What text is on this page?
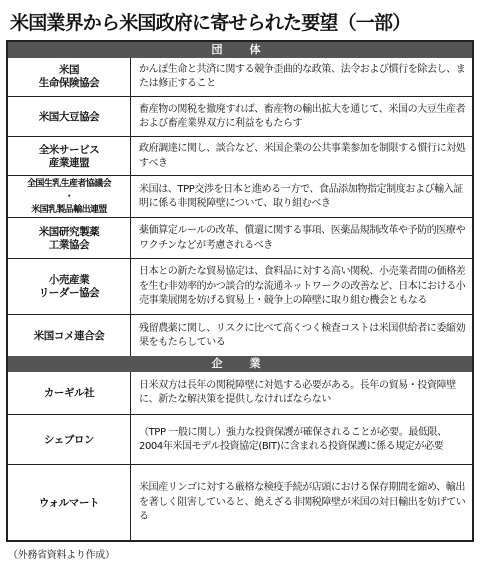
米国業界から米国政府に寄せられた要望（一部）
団　体
米国
生命保険協会
かんぽ生命と共済に関する競争歪曲的な政策、法令および慣行を除去し、または修正すること
米国大豆協会
畜産物の関税を撤廃すれば、畜産物の輸出拡大を通じて、米国の大豆生産者および畜産業界双方に利益をもたらす
全米サービス
産業連盟
政府調達に関し、談合など、米国企業の公共事業参加を制限する慣行に対処すべき
全国生乳生産者協議会
・
米国乳製品輸出連盟
米国は、TPP交渉を日本と進める一方で、食品添加物指定制度および輸入証明に係る非関税障壁について、取り組むべき
米国研究製薬
工業協会
薬価算定ルールの改革、償還に関する事項、医薬品規制改革や予防的医療やワクチンなどが考慮されるべき
小売産業
リーダー協会
日本との新たな貿易協定は、食料品に対する高い関税、小売業者間の価格差を生む非効率的かつ談合的な流通ネットワークの改善など、日本における小売事業展開を妨げる貿易上・競争上の障壁に取り組む機会ともなる
米国コメ連合会
残留農薬に関し、リスクに比べて高くつく検査コストは米国供給者に委縮効果をもたらしている
企　業
カーギル社
日米双方は長年の関税障壁に対処する必要がある。長年の貿易・投資障壁に、新たな解決策を提供しなければならない
シェブロン
（TPP 一般に関し）強力な投資保護が確保されることが必要。最低限、2004年米国モデル投資協定(BIT)に含まれる投資保護に係る規定が必要
ウォルマート
米国産リンゴに対する厳格な検疫手続が店頭における保存期間を縮め、輸出を著しく阻害していると、絶えざる非関税障壁が米国の対日輸出を妨げている
（外務省資料より作成）
